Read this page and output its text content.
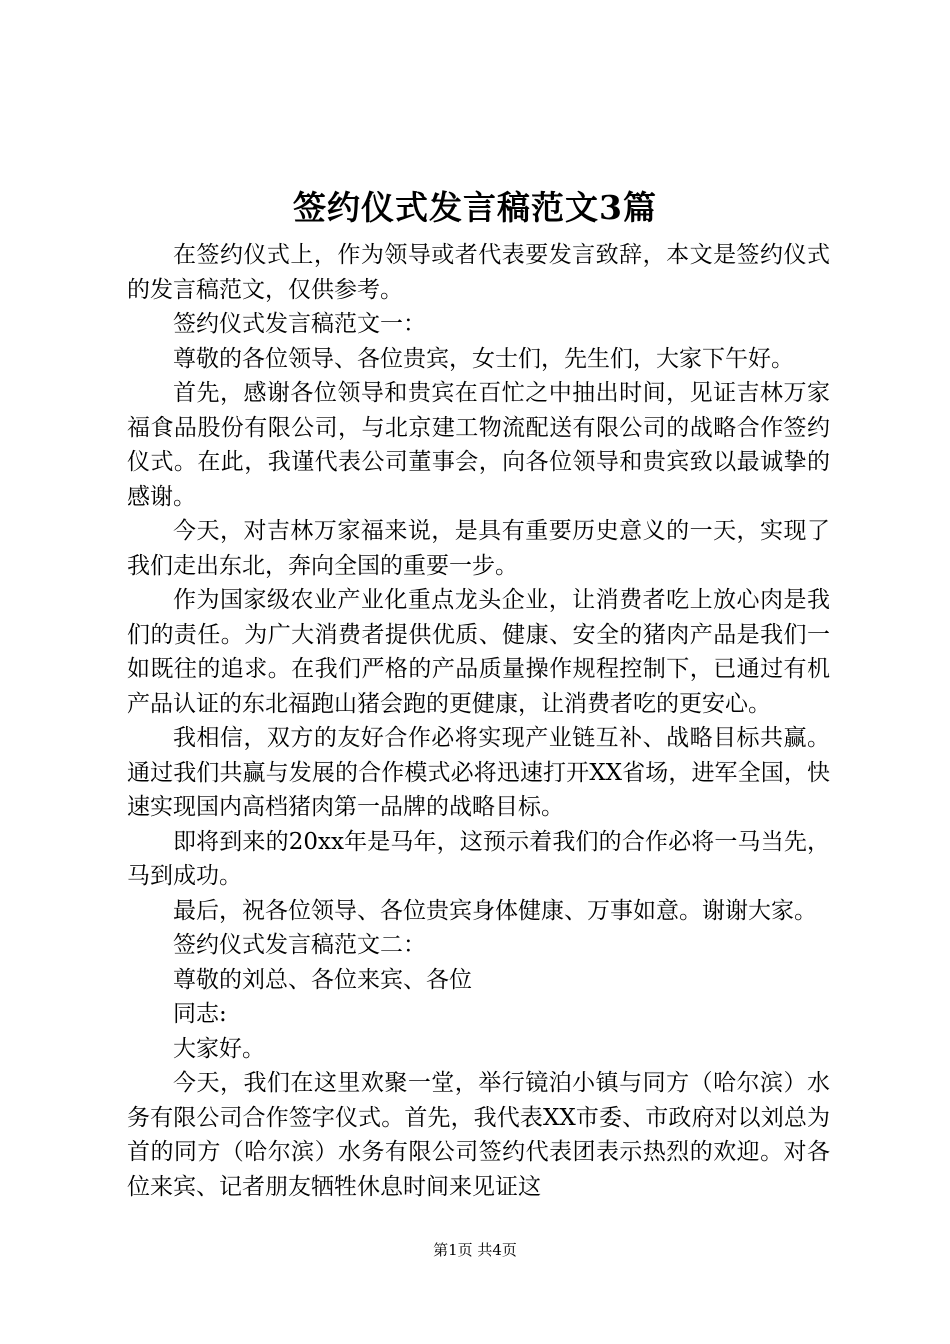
签约仪式发言稿范文3篇

在签约仪式上，作为领导或者代表要发言致辞，本文是签约仪式的发言稿范文，仅供参考。

签约仪式发言稿范文一：

尊敬的各位领导、各位贵宾，女士们，先生们，大家下午好。

首先，感谢各位领导和贵宾在百忙之中抽出时间，见证吉林万家福食品股份有限公司，与北京建工物流配送有限公司的战略合作签约仪式。在此，我谨代表公司董事会，向各位领导和贵宾致以最诚挚的感谢。

今天，对吉林万家福来说，是具有重要历史意义的一天，实现了我们走出东北，奔向全国的重要一步。

作为国家级农业产业化重点龙头企业，让消费者吃上放心肉是我们的责任。为广大消费者提供优质、健康、安全的猪肉产品是我们一如既往的追求。在我们严格的产品质量操作规程控制下，已通过有机产品认证的东北福跑山猪会跑的更健康，让消费者吃的更安心。

我相信，双方的友好合作必将实现产业链互补、战略目标共赢。通过我们共赢与发展的合作模式必将迅速打开XX省场，进军全国，快速实现国内高档猪肉第一品牌的战略目标。

即将到来的20xx年是马年，这预示着我们的合作必将一马当先，马到成功。

最后，祝各位领导、各位贵宾身体健康、万事如意。谢谢大家。

签约仪式发言稿范文二：

尊敬的刘总、各位来宾、各位

同志:

大家好。

今天，我们在这里欢聚一堂，举行镜泊小镇与同方（哈尔滨）水务有限公司合作签字仪式。首先，我代表XX市委、市政府对以刘总为首的同方（哈尔滨）水务有限公司签约代表团表示热烈的欢迎。对各位来宾、记者朋友牺牲休息时间来见证这

第1页 共4页
